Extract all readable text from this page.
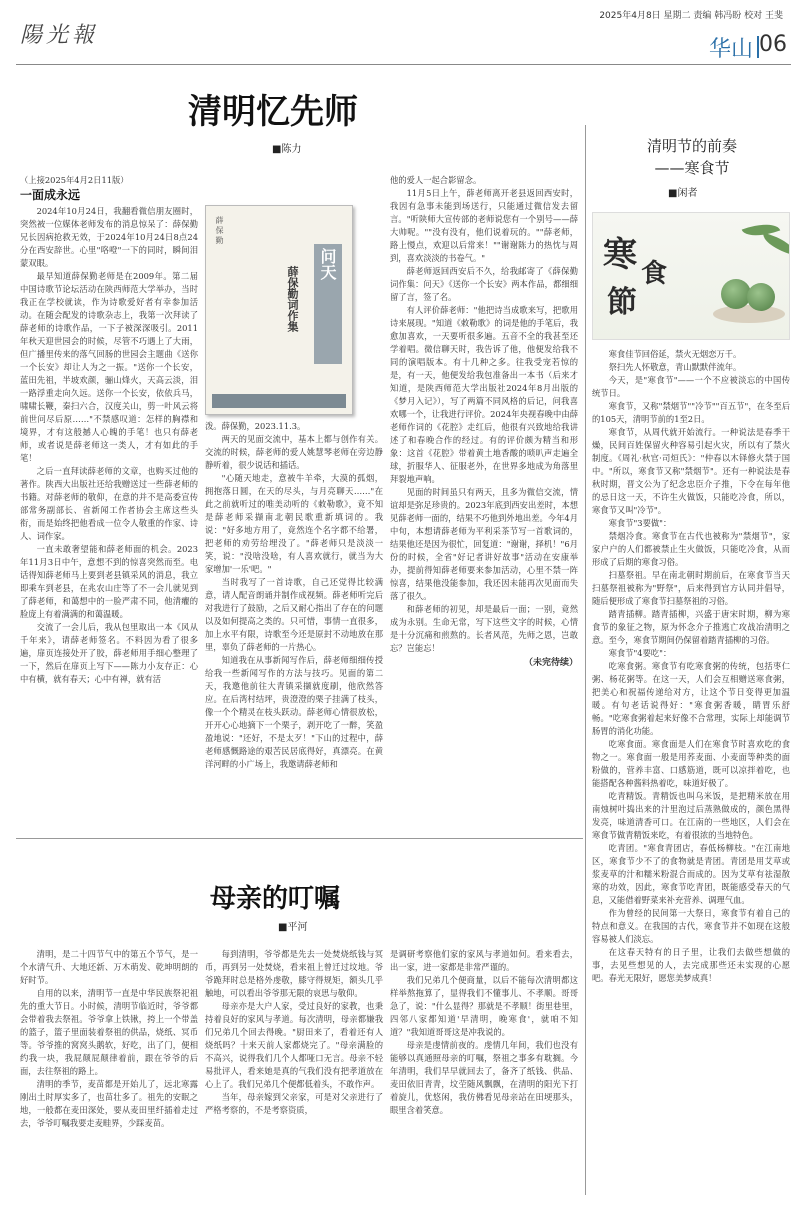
陽光報
2025年4月8日 星期二 责编 韩冯盼 校对 王斐
华山 06
清明忆先师
■陈力

（上接2025年4月2日11版）

一面成永远

2024年10月24日，我翻看微信朋友圈时，突然被一位媒体老师发布的消息惊呆了：薛保勤兄长因病抢救无效，于2024年10月24日8点24分在西安辞世。心里"咯噔"一下的同时，瞬间泪蒙双眼。

最早知道薛保勤老师是在2009年。第二届中国诗歌节论坛活动在陕西师范大学举办，当时我正在学校就读，作为诗歌爱好者有幸参加活动。在随会配发的诗歌杂志上，我第一次拜读了薛老师的诗歌作品，一下子被深深吸引。2011年秋天迎世园会的时候，尽管不巧遇上了大雨，但广播里传来的落气回肠的世园会主题曲《送你一个长安》却让人为之一振。"送你一个长安，蓝田先祖，半坡欢颜，骊山烽火，天高云淡，泪一路浮重走向久远。送你一个长安，依依兵马，啸啸长鞭，秦扫六合，汉度关山，剪一叶风云将前世问尽后原……"不禁感叹道：怎样的胸襟和境界，才有这般撼人心魄的手笔！也只有薛老师，或者说是薛老师这一类人，才有如此的手笔！

之后一直拜读薛老师的文章，也购买过他的著作。陕西大出版社还给我赠送过一些薛老师的书籍。对薛老师的敬仰，在意的并不是高委宣传部常务副部长、省新闻工作者协会主席这些头衔，而是始终把他看成一位令人敬重的作家、诗人、词作家。

一直未敢奢望能和薛老师面的机会。2023年11月3日中午，意想不到的惊喜突然而至。电话得知薛老师马上要到老县镇采风的消息，我立即乘车到老县，在兆农山庄等了不一会儿就见到了薛老师，和蔼想中的一脸严肃不同，他清癯的脸庞上有着满满的和蔼温暖。

交流了一会儿后，我从包里取出一本《风从千年来》，请薛老师签名。不料因为看了很多遍，扉页连接处开了胶，薛老师用手细心整理了一下，然后在扉页上写下——陈力小友存正：心中有横，就有春天；心中有禅，就有活

薛保勤
问天
薛保勤词作集

泼。薛保勤，2023.11.3。

两天的见面交流中，基本上都与创作有关。交流的时候，薛老师的爱人姚慧琴老师在旁边静静听着，很少说话和插话。

"心随天地走，意被牛羊牵，大漠的孤烟，拥抱落日圆，在天的尽头，与月亮聊天……"在此之前就听过的唯美动听的《敕勒歌》，竟不知是薛老师采撷南北朝民歌重新填词的。我说："好多地方用了，竟然连个名字都不给署，把老师的劝劳给埋没了。"薛老师只是淡淡一笑，说："没啥没啥，有人喜欢就行，就当为大家增加'一乐'吧。"

当时我写了一首诗歌，自己还觉得比较满意，请人配音朗诵并制作成视频。薛老师听完后对我进行了鼓励，之后又耐心指出了存在的问题以及如何提高之类的。只可惜，事情一直很多，加上水平有限，诗歌至今还是原封不动地放在那里，辜负了薛老师的一片热心。

知道我在从事新闻写作后，薛老师细细传授给我一些新闻写作的方法与技巧。见面的第二天，我邀他前往大青镇采撷就度刷，他欣然答应。在后湾村结坪，贵澄澄的栗子挂满了枝头，像一个个精灵在枝头跃动。薛老师心情很放松，开开心心地摘下一个栗子，剥开吃了一醉，笑盈盈地说："还好，不是太歹！"下山的过程中，薛老师感慨路途的艰苦民居底得好，真漂亮。在黄洋河畔的小广场上，我邀请薛老师和

他的爱人一起合影留念。

11月5日上午，薛老师离开老县返回西安时，我因有急事未能到场送行，只能通过微信发去留言。"听陕师大宣传部的老师说您有一个别号——薛大帅呢。""没有没有，他们说着玩的。""薛老师，路上慢点，欢迎以后常来！""谢谢陈力的热忱与周到，喜欢淡淡的书卷气。"

薛老师返回西安后不久，给我邮寄了《薛保勤词作集：问天》《送你一个长安》两本作品，都细细留了言，签了名。

有人评价薛老师："他把诗当成歌来写，把歌用诗来展现。"知道《敕勒歌》的词是他的手笔后，我愈加喜欢，一天要听很多遍。五音不全的我甚至还学着唱。微信聊天时，我告诉了他，他便发给我不同的演唱版本。有十几种之多。往我受宠若惊的是，有一天，他便发给我包准备出一本书（后来才知道，是陕西师范大学出版社2024年8月出版的《梦月入记》），写了两篇不同风格的后记，问我喜欢哪一个，让我进行评价。2024年央视春晚中由薛老师作词的《花腔》走红后，他很有兴致地给我讲述了和春晚合作的经过。有的评价颇为精当和形象：这首《花腔》带着黄土地香酸的唢叭声走遍全球，折服华人、征服老外，在世界多地成为角落里拜裂地声响。

见面的时间虽只有两天，且多为微信交流，情谊却是弥足珍贵的。2023年底到西安出差时，本想见薛老师一面的，结果不巧他到外地出差。今年4月中旬，本想请薛老师为平利采茶节写一首歌词的，结果他还是因为很忙，回复道："谢谢，择机！"6月份的时候，全省"好记者讲好故事"活动在安康举办，提前得知薛老师要来参加活动，心里不禁一阵惊喜，结果他没能参加，我还因未能再次见面而失落了很久。

和薛老师的初见，却是最后一面；一别，竟然成为永别。生命无常，写下这些文字的时候，心情是十分沉痛和煎熬的。长者风范，先师之恩，岂敢忘？岂能忘！

（未完待续）
母亲的叮嘱
■平河

清明，是二十四节气中的第五个节气，是一个水清气升、大地还新、万木萌发、乾坤明朗的好时节。

自用的以来，清明节一直是中华民族祭祀祖先的重大节日。小时候，清明节临近时，爷爷都会带着我去祭祖。爷爷拿上铁锹，挎上一个带盖的篮子，篮子里面装着祭祖的供品，烧纸、冥币等。爷爷推的窝窝头鹅软，好吃，出了门，便相约我一块，我屁颠屁颠律着前，跟在爷爷的后面，去往祭祖的路上。

清明的季节，麦苗都是开始儿了，远北寒露刚出土时厚实多了，也苗壮多了。祖先的安眠之地，一般都在麦田深处，要从麦田里纤插着走过去，爷爷叮嘱我要走麦畦界，少踩麦苗。

每到清明，爷爷都是先去一处焚烧纸钱与冥币，再到另一处焚烧，看来祖上曾迁过坟地。爷爷跪拜时总是格外虔敬，膝守得规矩，额头几乎触地，可以看出爷爷那无限的哀思与敬仰。

母亲亦是大户人家，受过良好的家教，也秉持着良好的家风与孝道。每次清明，母亲都嫌我们兄弟几个回去得晚。"厨田来了，看着还有人烧纸吗？十来天前人家都烧完了。"母亲满脸的不高兴，说得我们几个人都哑口无言。母亲不轻易批评人，看来她是真的气我们没有把孝道放在心上了。我们兄弟几个便都低着头，不敢作声。

当年，母亲嫁到父亲家，可是对父亲进行了严格考察的，不是考察资质，

是调研考察他们家的家风与孝道如何。看来看去，出一家，进一家都是非常严谨的。

我们兄弟几个便商量，以后不能每次清明都这样举熬拖算了，显得我们不懂事儿、不孝顺。哥哥急了，说："什么显得？那就是不孝顺！街里巷里，四邻八家都知道'早清明，晚寒食'，就咱不知道？"我知道哥哥这是冲我说的。

母亲是虔情前夜的。虔情几年间，我们也没有能够以真通照母亲的叮嘱，祭祖之事多有耽搁。今年清明，我们早早就回去了，备齐了纸钱、供品、麦田依旧青青，坟茔随风飘飘，在清明的阳光下打着旋儿，优悠闲，我仿佛看见母亲站在田埂那头，眼里含着笑意。

清明节的前奏
——寒食节
■闲者
寒 食
節

寒食佳节回俗延，禁火无烟恋万千。

祭扫先人怀敬意，青山默默伴流年。

今天，是"寒食节"——一个不应被淡忘的中国传统节日。

寒食节，又称"禁烟节""冷节""百五节"，在冬至后的105天，清明节前的1至2日。

寒食节，从周代就开始流行。一种说法是春季干燥，民间百姓保留火种容易引起火灾，所以有了禁火制度。《周礼·秋官·司烜氏》："仲春以木铎修火禁于国中。"所以，寒食节又称"禁烟节"。还有一种说法是春秋时期，晋文公为了纪念忠臣介子推，下令在每年他的忌日这一天，不许生火做饭，只能吃冷食，所以，寒食节又叫"冷节"。

寒食节"3要做"：

禁烟冷食。寒食节在古代也被称为"禁烟节"，家家户户的人们都被禁止生火做饭，只能吃冷食，从而形成了后期的寒食习俗。

扫墓祭祖。早在南北朝时期前后，在寒食节当天扫墓祭祖被称为"野祭"，后来得到官方认同并倡导，随后便形成了寒食节扫墓祭祖的习俗。

踏青插柳。踏青插柳，兴盛于唐宋时期，柳为寒食节的象征之物，原为怀念介子推逃亡攻战冶清明之意。至今，寒食节期间仍保留着踏青插柳的习俗。

寒食节"4要吃"：

吃寒食粥。寒食节有吃寒食粥的传统，包括枣仁粥、杨花粥等。在这一天，人们会互相赠送寒食粥，把美心和祝福传递给对方，让这个节日变得更加温暖。有句老话说得好："寒食粥香暖，睛胃乐舒畅。"吃寒食粥着起来好像不合常理，实际上却能调节肠胃的消化功能。

吃寒食面。寒食面是人们在寒食节时喜欢吃的食物之一。寒食面一般是用荞麦面、小麦面等种类的面粉做的，营养丰富、口感筋道，既可以凉拌着吃，也能搭配各种酱料热着吃，味道好极了。

吃青精饭。青精饭也叫乌米饭，是把精米放在用南烛树叶捣出来的汁里泡过后蒸熟做成的，颜色黑得发亮，味道清香可口。在江南的一些地区，人们会在寒食节做青精饭来吃，有着很浓的当地特色。

吃青团。"寒食青团店，春低杨柳枝。"在江南地区，寒食节少不了的食物就是青团。青团是用艾草或浆麦草的汁和糯米粉混合而成的。因为艾草有祛湿散寒的功效，因此，寒食节吃青团，既能感受春天的气息，又能借着野菜来补充营养、调理气血。

作为曾经的民间第一大祭日，寒食节有着自己的特点和意义。在我国的古代，寒食节并不如现在这般容易被人们淡忘。

在这春天特有的日子里，让我们去做些想做的事，去见些想见的人，去完成那些还未实现的心愿吧。春光无限好，愿您美梦成真！
